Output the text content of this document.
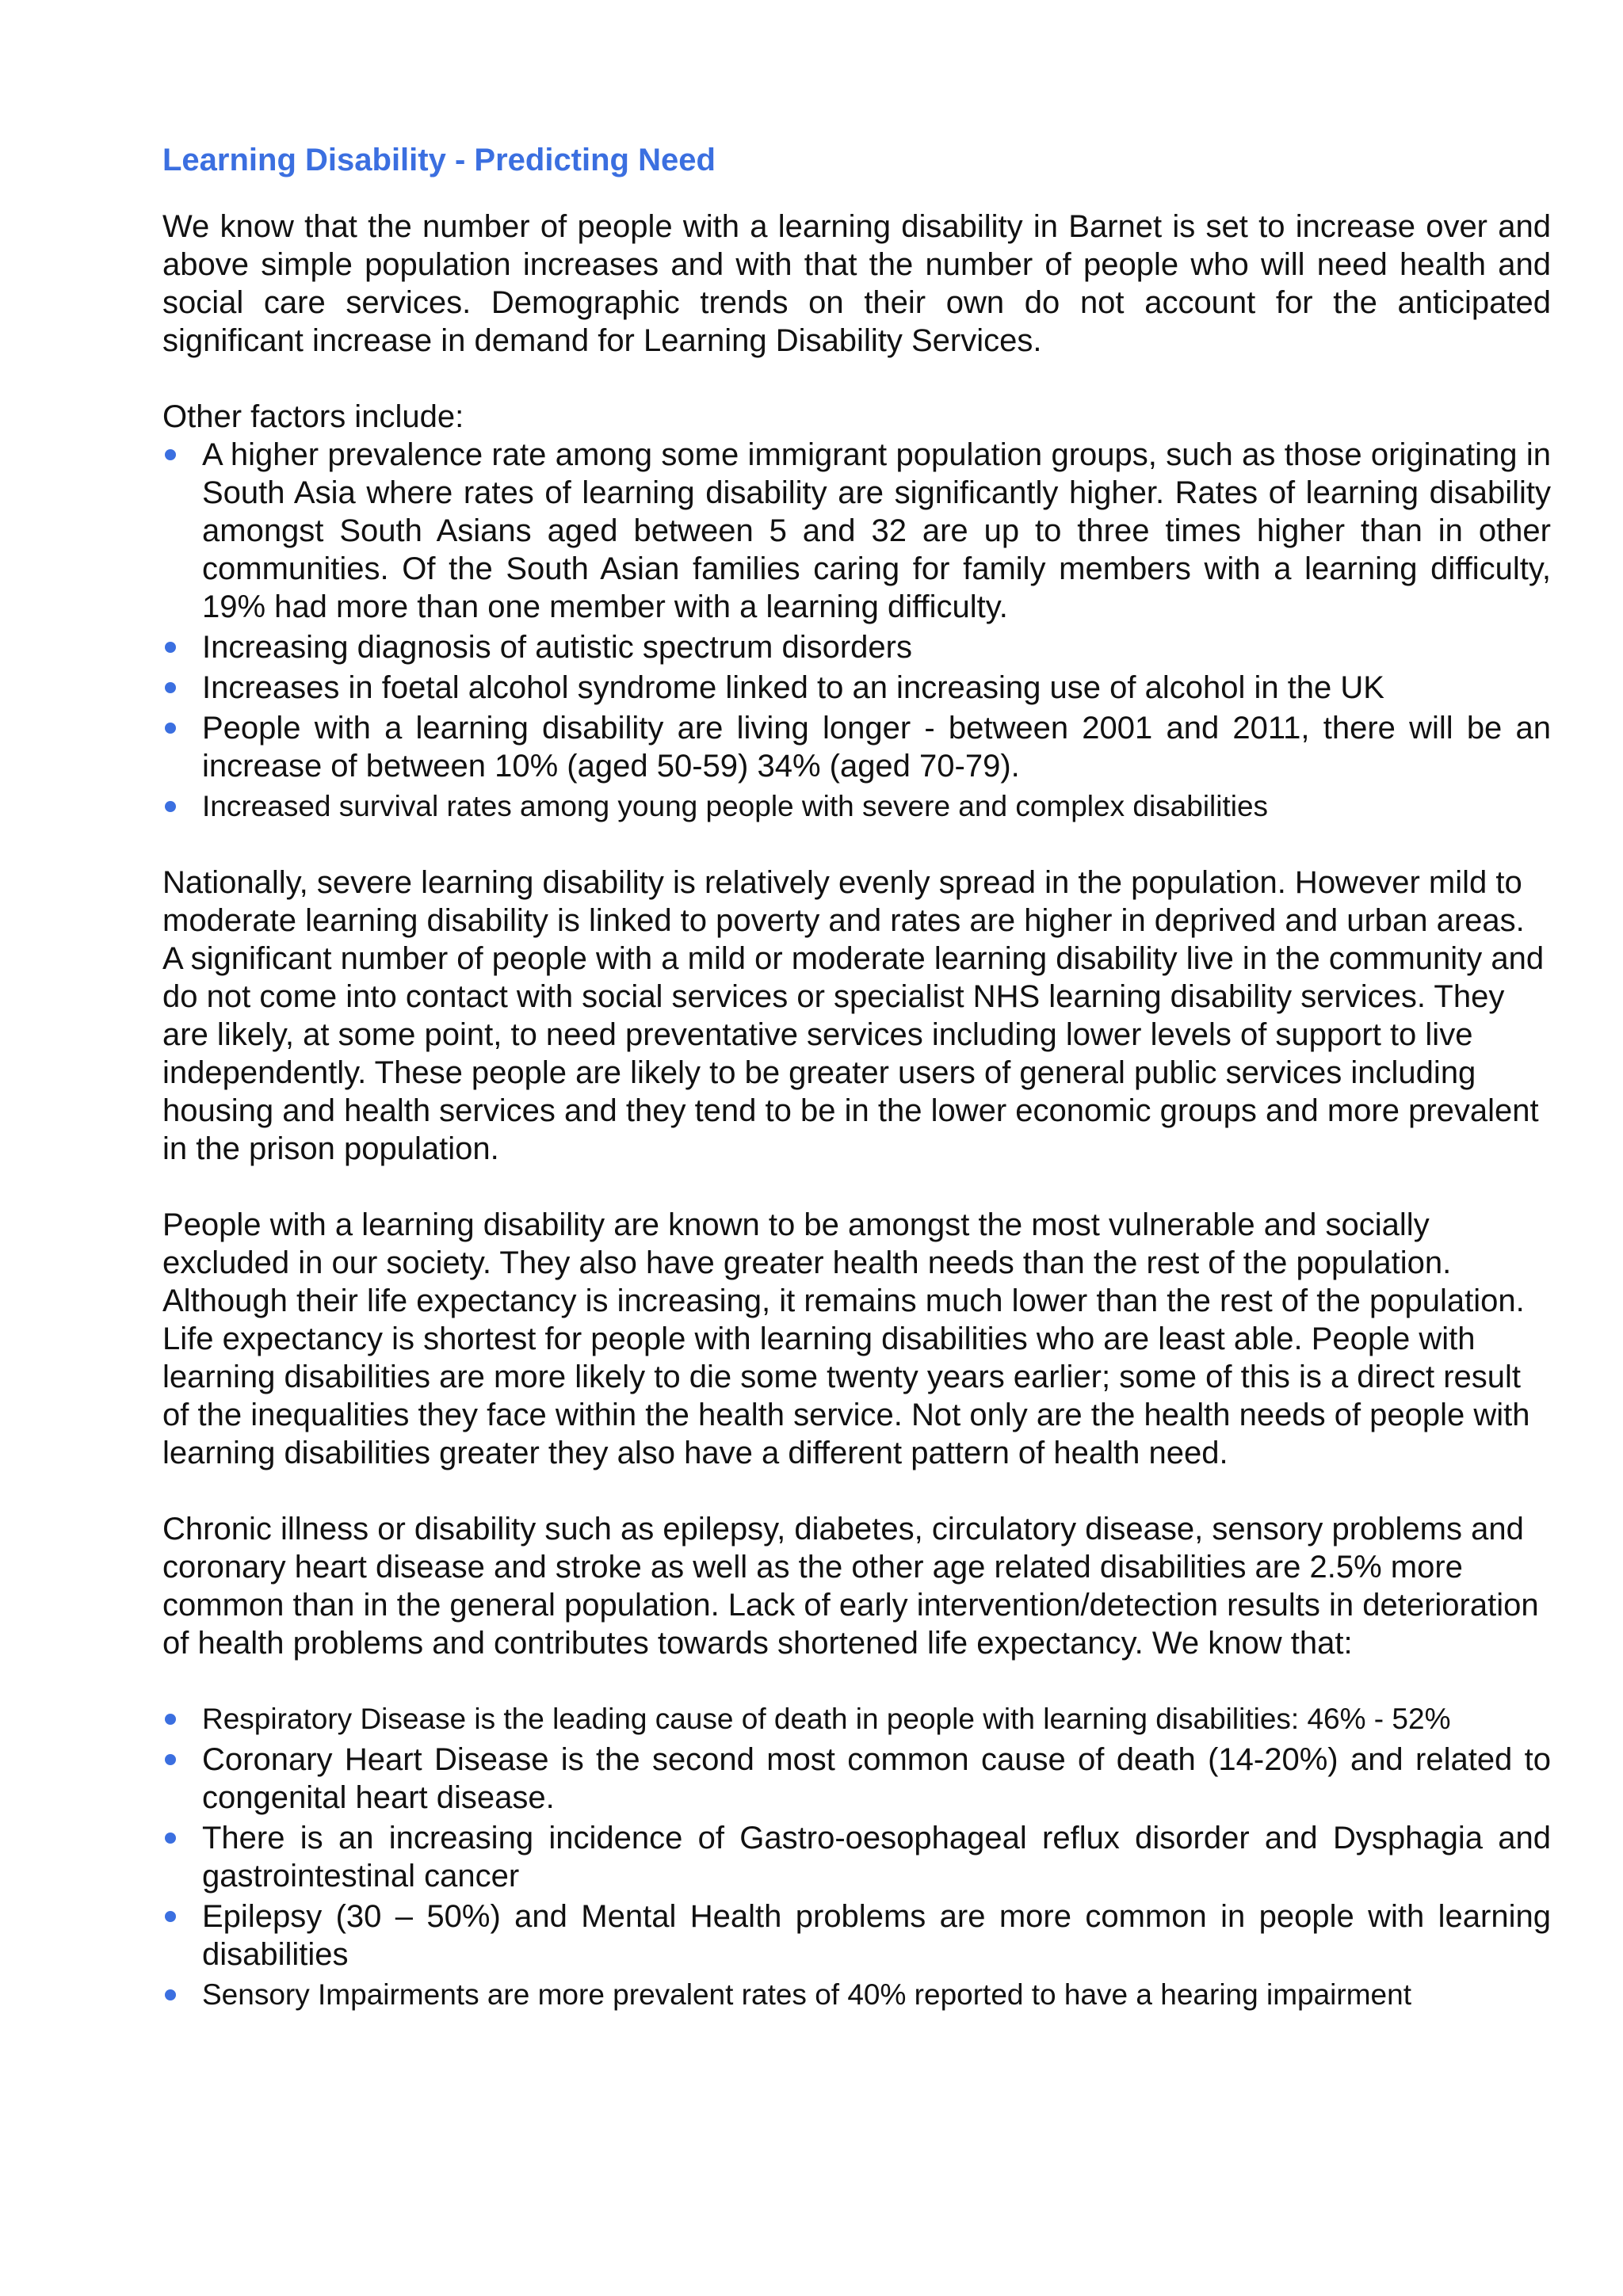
Learning Disability - Predicting Need

We know that the number of people with a learning disability in Barnet is set to increase over and above simple population increases and with that the number of people who will need health and social care services. Demographic trends on their own do not account for the anticipated significant increase in demand for Learning Disability Services.

Other factors include:

A higher prevalence rate among some immigrant population groups, such as those originating in South Asia where rates of learning disability are significantly higher. Rates of learning disability amongst South Asians aged between 5 and 32 are up to three times higher than in other communities. Of the South Asian families caring for family members with a learning difficulty, 19% had more than one member with a learning difficulty.
Increasing diagnosis of autistic spectrum disorders
Increases in foetal alcohol syndrome linked to an increasing use of alcohol in the UK
People with a learning disability are living longer - between 2001 and 2011, there will be an increase of between 10% (aged 50-59) 34% (aged 70-79).
Increased survival rates among young people with severe and complex disabilities

Nationally, severe learning disability is relatively evenly spread in the population. However mild to moderate learning disability is linked to poverty and rates are higher in deprived and urban areas. A significant number of people with a mild or moderate learning disability live in the community and do not come into contact with social services or specialist NHS learning disability services. They are likely, at some point, to need preventative services including lower levels of support to live independently. These people are likely to be greater users of general public services including housing and health services and they tend to be in the lower economic groups and more prevalent in the prison population.

People with a learning disability are known to be amongst the most vulnerable and socially excluded in our society. They also have greater health needs than the rest of the population. Although their life expectancy is increasing, it remains much lower than the rest of the population. Life expectancy is shortest for people with learning disabilities who are least able. People with learning disabilities are more likely to die some twenty years earlier; some of this is a direct result of the inequalities they face within the health service. Not only are the health needs of people with learning disabilities greater they also have a different pattern of health need.

Chronic illness or disability such as epilepsy, diabetes, circulatory disease, sensory problems and coronary heart disease and stroke as well as the other age related disabilities are 2.5% more common than in the general population. Lack of early intervention/detection results in deterioration of health problems and contributes towards shortened life expectancy. We know that:

Respiratory Disease is the leading cause of death in people with learning disabilities: 46% - 52%
Coronary Heart Disease is the second most common cause of death (14-20%) and related to congenital heart disease.
There is an increasing incidence of Gastro-oesophageal reflux disorder and Dysphagia and gastrointestinal cancer
Epilepsy (30 – 50%) and Mental Health problems are more common in people with learning disabilities
Sensory Impairments are more prevalent rates of 40% reported to have a hearing impairment
